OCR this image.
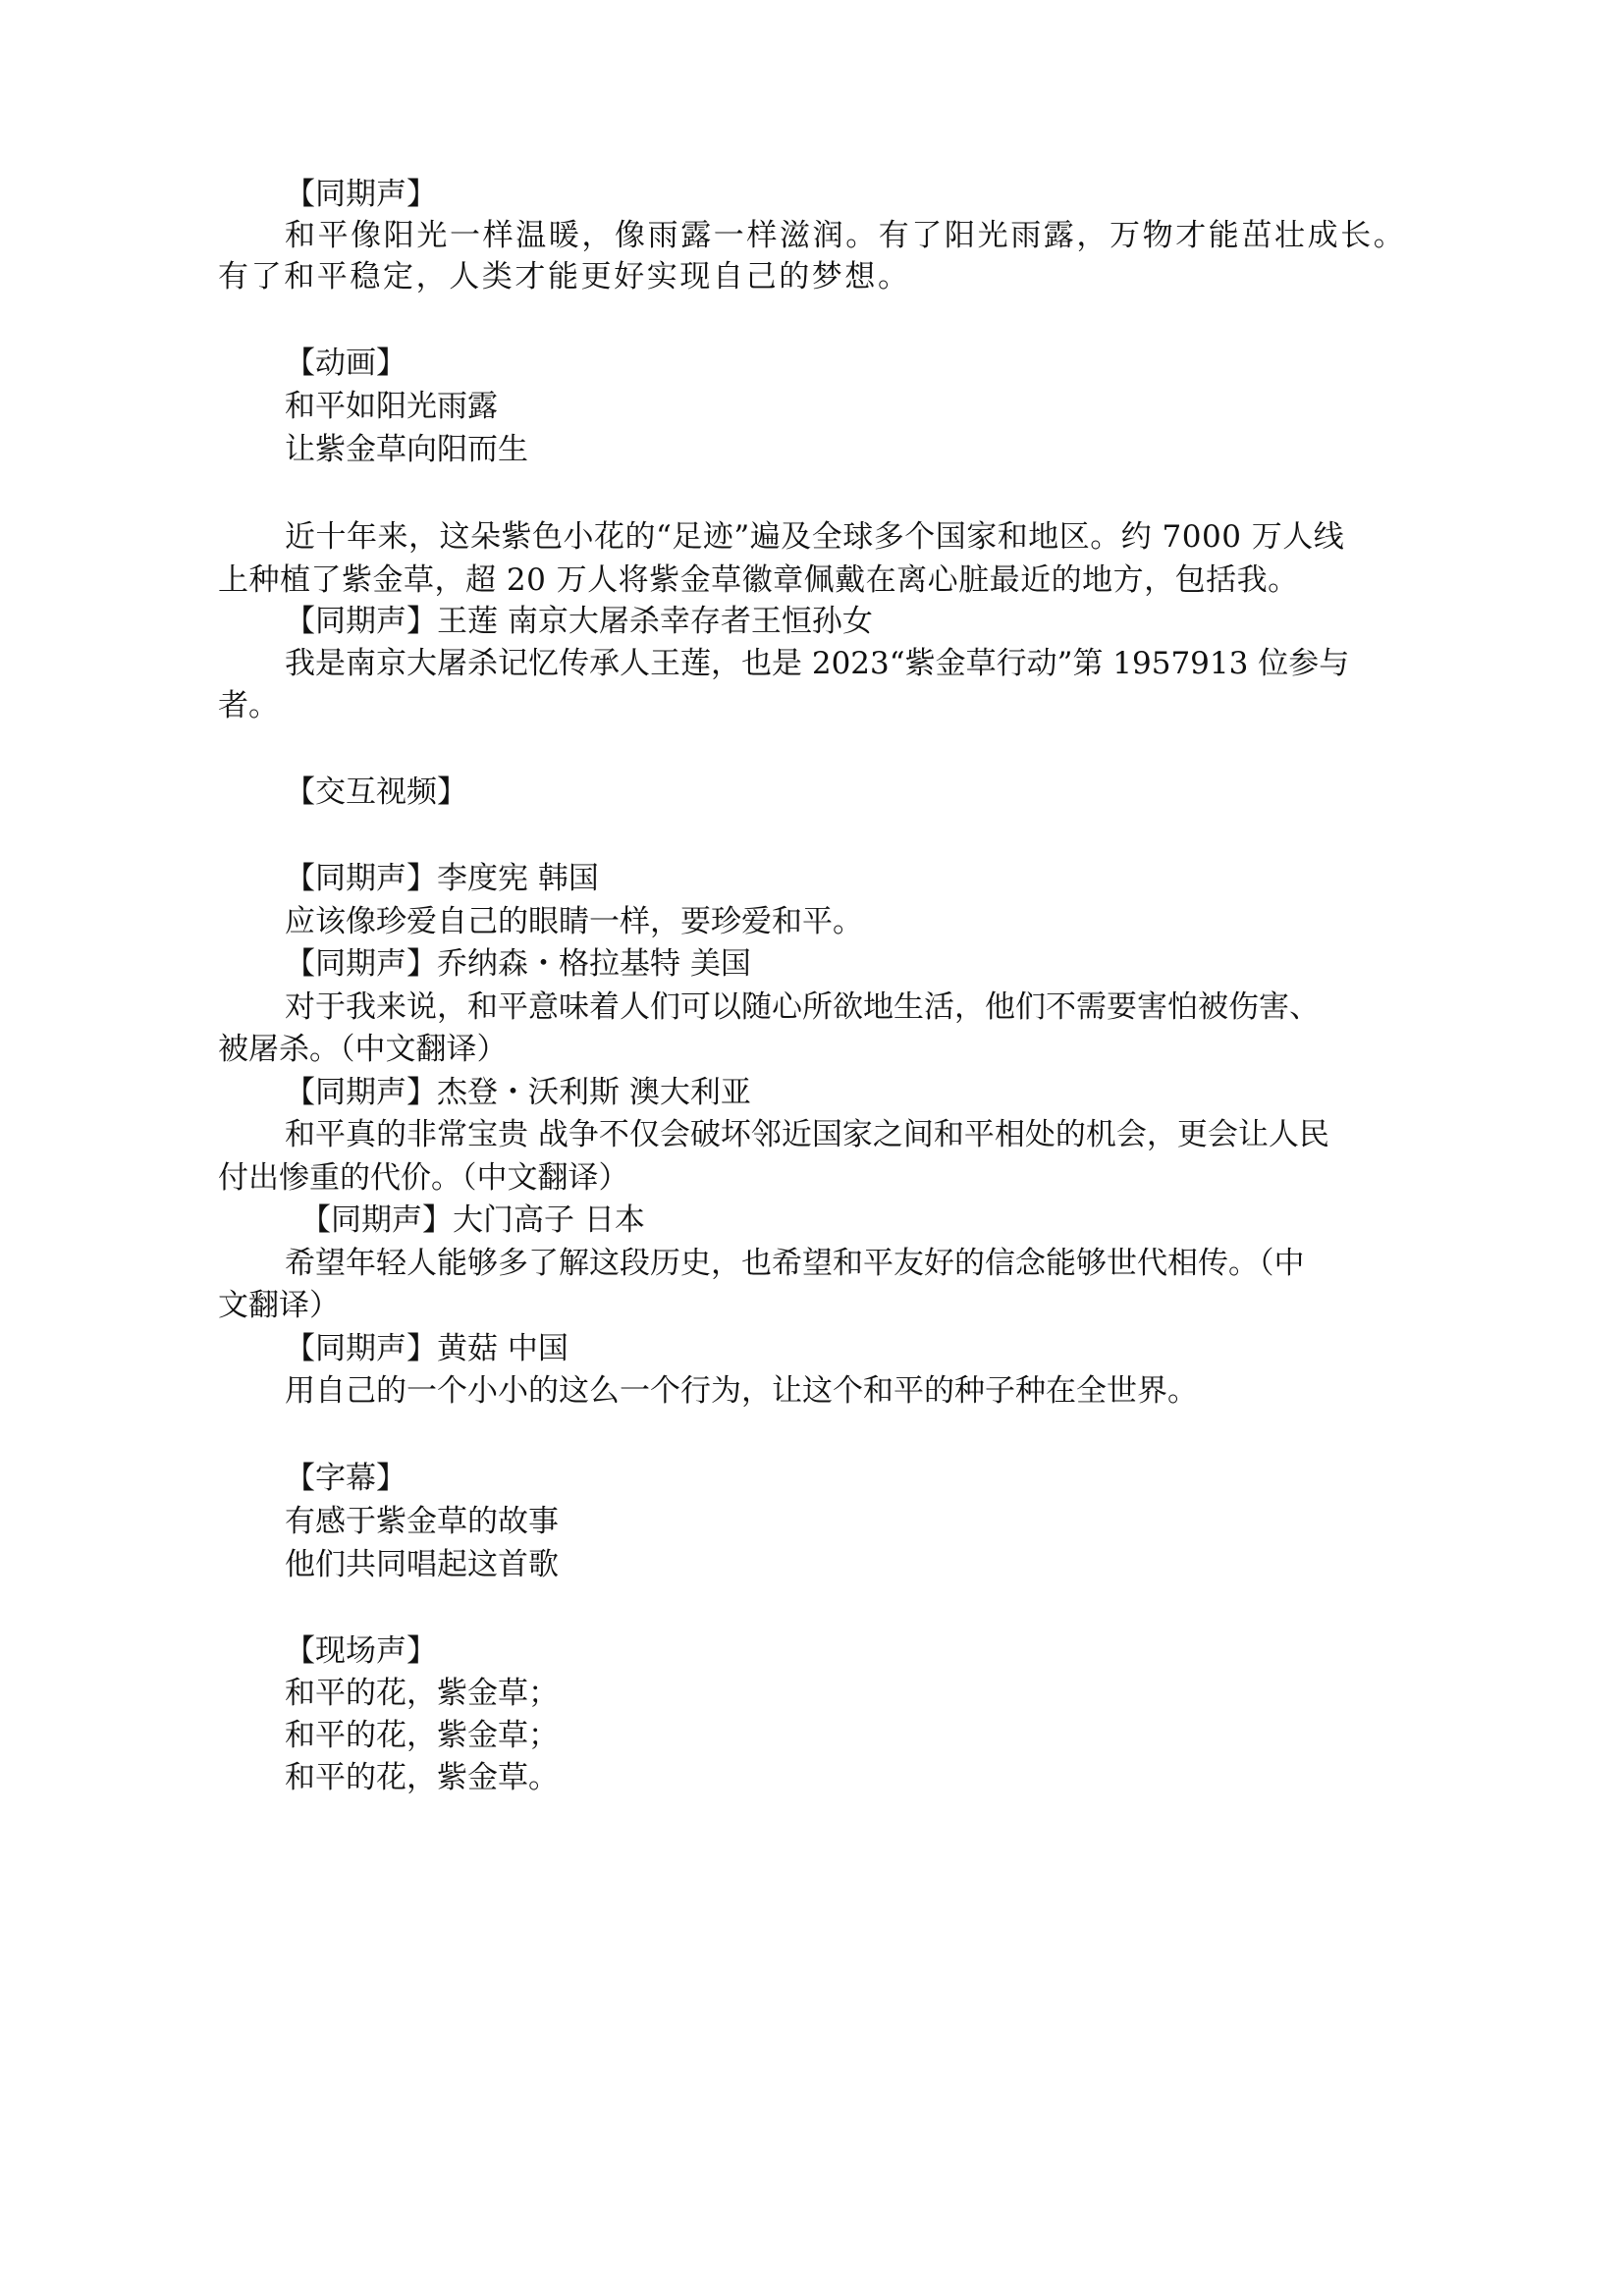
【同期声】
和平像阳光一样温暖，像雨露一样滋润。有了阳光雨露，万物才能茁壮成长。
有了和平稳定，人类才能更好实现自己的梦想。
【动画】
和平如阳光雨露
让紫金草向阳而生
近十年来，这朵紫色小花的“足迹”遍及全球多个国家和地区。约 7000 万人线
上种植了紫金草，超 20 万人将紫金草徽章佩戴在离心脏最近的地方，包括我。
【同期声】王莲 南京大屠杀幸存者王恒孙女
我是南京大屠杀记忆传承人王莲，也是 2023“紫金草行动”第 1957913 位参与
者。
【交互视频】
【同期声】李度宪 韩国
应该像珍爱自己的眼睛一样，要珍爱和平。
【同期声】乔纳森・格拉基特 美国
对于我来说，和平意味着人们可以随心所欲地生活，他们不需要害怕被伤害、
被屠杀。（中文翻译）
【同期声】杰登・沃利斯 澳大利亚
和平真的非常宝贵 战争不仅会破坏邻近国家之间和平相处的机会，更会让人民
付出惨重的代价。（中文翻译）
【同期声】大门高子 日本
希望年轻人能够多了解这段历史，也希望和平友好的信念能够世代相传。（中
文翻译）
【同期声】黄菇 中国
用自己的一个小小的这么一个行为，让这个和平的种子种在全世界。
【字幕】
有感于紫金草的故事
他们共同唱起这首歌
【现场声】
和平的花，紫金草；
和平的花，紫金草；
和平的花，紫金草。
